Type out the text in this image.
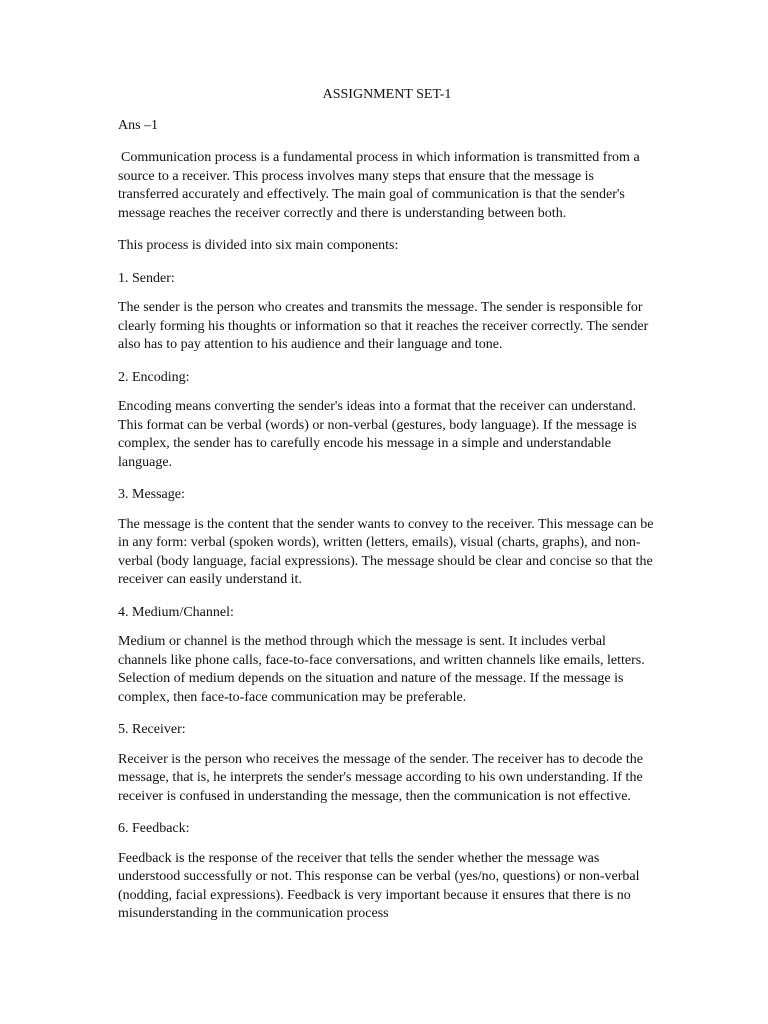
ASSIGNMENT SET-1
Ans –1

Communication process is a fundamental process in which information is transmitted from a source to a receiver. This process involves many steps that ensure that the message is transferred accurately and effectively. The main goal of communication is that the sender's message reaches the receiver correctly and there is understanding between both.

This process is divided into six main components:

1. Sender:

The sender is the person who creates and transmits the message. The sender is responsible for clearly forming his thoughts or information so that it reaches the receiver correctly. The sender also has to pay attention to his audience and their language and tone.

2. Encoding:

Encoding means converting the sender's ideas into a format that the receiver can understand. This format can be verbal (words) or non-verbal (gestures, body language). If the message is complex, the sender has to carefully encode his message in a simple and understandable language.

3. Message:

The message is the content that the sender wants to convey to the receiver. This message can be in any form: verbal (spoken words), written (letters, emails), visual (charts, graphs), and non-verbal (body language, facial expressions). The message should be clear and concise so that the receiver can easily understand it.

4. Medium/Channel:

Medium or channel is the method through which the message is sent. It includes verbal channels like phone calls, face-to-face conversations, and written channels like emails, letters. Selection of medium depends on the situation and nature of the message. If the message is complex, then face-to-face communication may be preferable.

5. Receiver:

Receiver is the person who receives the message of the sender. The receiver has to decode the message, that is, he interprets the sender's message according to his own understanding. If the receiver is confused in understanding the message, then the communication is not effective.

6. Feedback:

Feedback is the response of the receiver that tells the sender whether the message was understood successfully or not. This response can be verbal (yes/no, questions) or non-verbal (nodding, facial expressions). Feedback is very important because it ensures that there is no misunderstanding in the communication process
